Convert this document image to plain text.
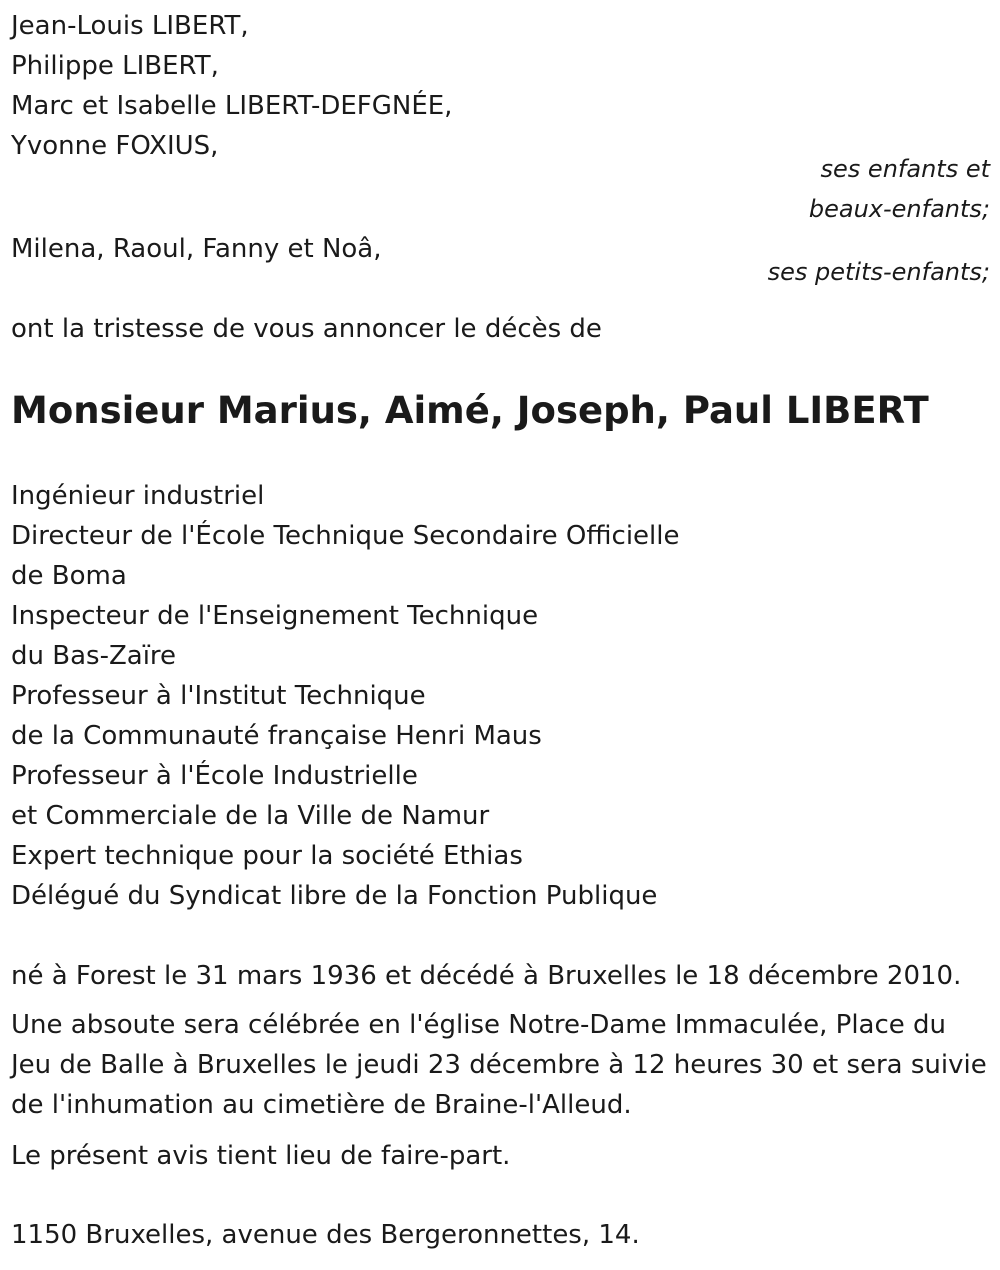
Jean-Louis LIBERT,
Philippe LIBERT,
Marc et Isabelle LIBERT-DEFGNÉE,
Yvonne FOXIUS,
ses enfants et
beaux-enfants;
Milena, Raoul, Fanny et Noâ,
ses petits-enfants;
ont la tristesse de vous annoncer le décès de
Monsieur Marius, Aimé, Joseph, Paul LIBERT
Ingénieur industriel
Directeur de l'École Technique Secondaire Officielle
de Boma
Inspecteur de l'Enseignement Technique
du Bas-Zaïre
Professeur à l'Institut Technique
de la Communauté française Henri Maus
Professeur à l'École Industrielle
et Commerciale de la Ville de Namur
Expert technique pour la société Ethias
Délégué du Syndicat libre de la Fonction Publique
né à Forest le 31 mars 1936 et décédé à Bruxelles le 18 décembre 2010.
Une absoute sera célébrée en l'église Notre-Dame Immaculée, Place du
Jeu de Balle à Bruxelles le jeudi 23 décembre à 12 heures 30 et sera suivie
de l'inhumation au cimetière de Braine-l'Alleud.
Le présent avis tient lieu de faire-part.
1150 Bruxelles, avenue des Bergeronnettes, 14.
